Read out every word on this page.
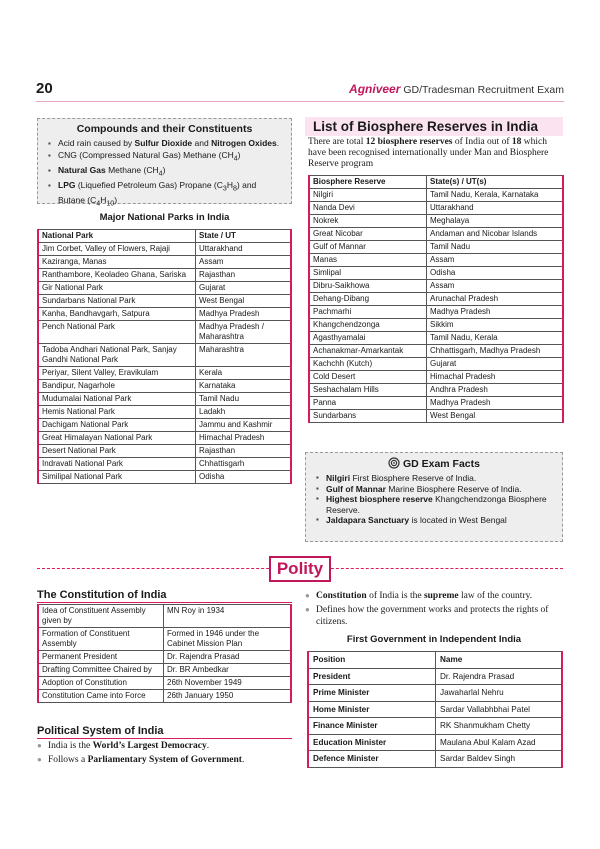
20	Agniveer GD/Tradesman Recruitment Exam
Compounds and their Constituents
▪ Acid rain caused by Sulfur Dioxide and Nitrogen Oxides.
▪ CNG (Compressed Natural Gas) Methane $(CH_4)$
▪ Natural Gas Methane $(CH_4)$
▪ LPG (Liquefied Petroleum Gas) Propane $(C_3H_8)$ and Butane $(C_4H_{10})$
Major National Parks in India
National Park	State / UT
Jim Corbet, Valley of Flowers, Rajaji	Uttarakhand
Kaziranga, Manas	Assam
Ranthambore, Keoladeo Ghana, Sariska	Rajasthan
Gir National Park	Gujarat
Sundarbans National Park	West Bengal
Kanha, Bandhavgarh, Satpura	Madhya Pradesh
Pench National Park	Madhya Pradesh / Maharashtra
Tadoba Andhari National Park, Sanjay Gandhi National Park	Maharashtra
Periyar, Silent Valley, Eravikulam	Kerala
Bandipur, Nagarhole	Karnataka
Mudumalai National Park	Tamil Nadu
Hemis National Park	Ladakh
Dachigam National Park	Jammu and Kashmir
Great Himalayan National Park	Himachal Pradesh
Desert National Park	Rajasthan
Indravati National Park	Chhattisgarh
Similipal National Park	Odisha
List of Biosphere Reserves in India
There are total 12 biosphere reserves of India out of 18 which have been recognised internationally under Man and Biosphere Reserve program
Biosphere Reserve	State(s) / UT(s)
Nilgiri	Tamil Nadu, Kerala, Karnataka
Nanda Devi	Uttarakhand
Nokrek	Meghalaya
Great Nicobar	Andaman and Nicobar Islands
Gulf of Mannar	Tamil Nadu
Manas	Assam
Simlipal	Odisha
Dibru-Saikhowa	Assam
Dehang-Dibang	Arunachal Pradesh
Pachmarhi	Madhya Pradesh
Khangchendzonga	Sikkim
Agasthyamalai	Tamil Nadu, Kerala
Achanakmar-Amarkantak	Chhattisgarh, Madhya Pradesh
Kachchh (Kutch)	Gujarat
Cold Desert	Himachal Pradesh
Seshachalam Hills	Andhra Pradesh
Panna	Madhya Pradesh
Sundarbans	West Bengal
GD Exam Facts
▪ Nilgiri First Biosphere Reserve of India.
▪ Gulf of Mannar Marine Biosphere Reserve of India.
▪ Highest biosphere reserve Khangchendzonga Biosphere Reserve.
▪ Jaldapara Sanctuary is located in West Bengal
Polity
The Constitution of India
Idea of Constituent Assembly given by	MN Roy in 1934
Formation of Constituent Assembly	Formed in 1946 under the Cabinet Mission Plan
Permanent President	Dr. Rajendra Prasad
Drafting Committee Chaired by	Dr. BR Ambedkar
Adoption of Constitution	26th November 1949
Constitution Came into Force	26th January 1950
Political System of India
● India is the World’s Largest Democracy.
● Follows a Parliamentary System of Government.
● Constitution of India is the supreme law of the country.
● Defines how the government works and protects the rights of citizens.
First Government in Independent India
Position	Name
President	Dr. Rajendra Prasad
Prime Minister	Jawaharlal Nehru
Home Minister	Sardar Vallabhbhai Patel
Finance Minister	RK Shanmukham Chetty
Education Minister	Maulana Abul Kalam Azad
Defence Minister	Sardar Baldev Singh
